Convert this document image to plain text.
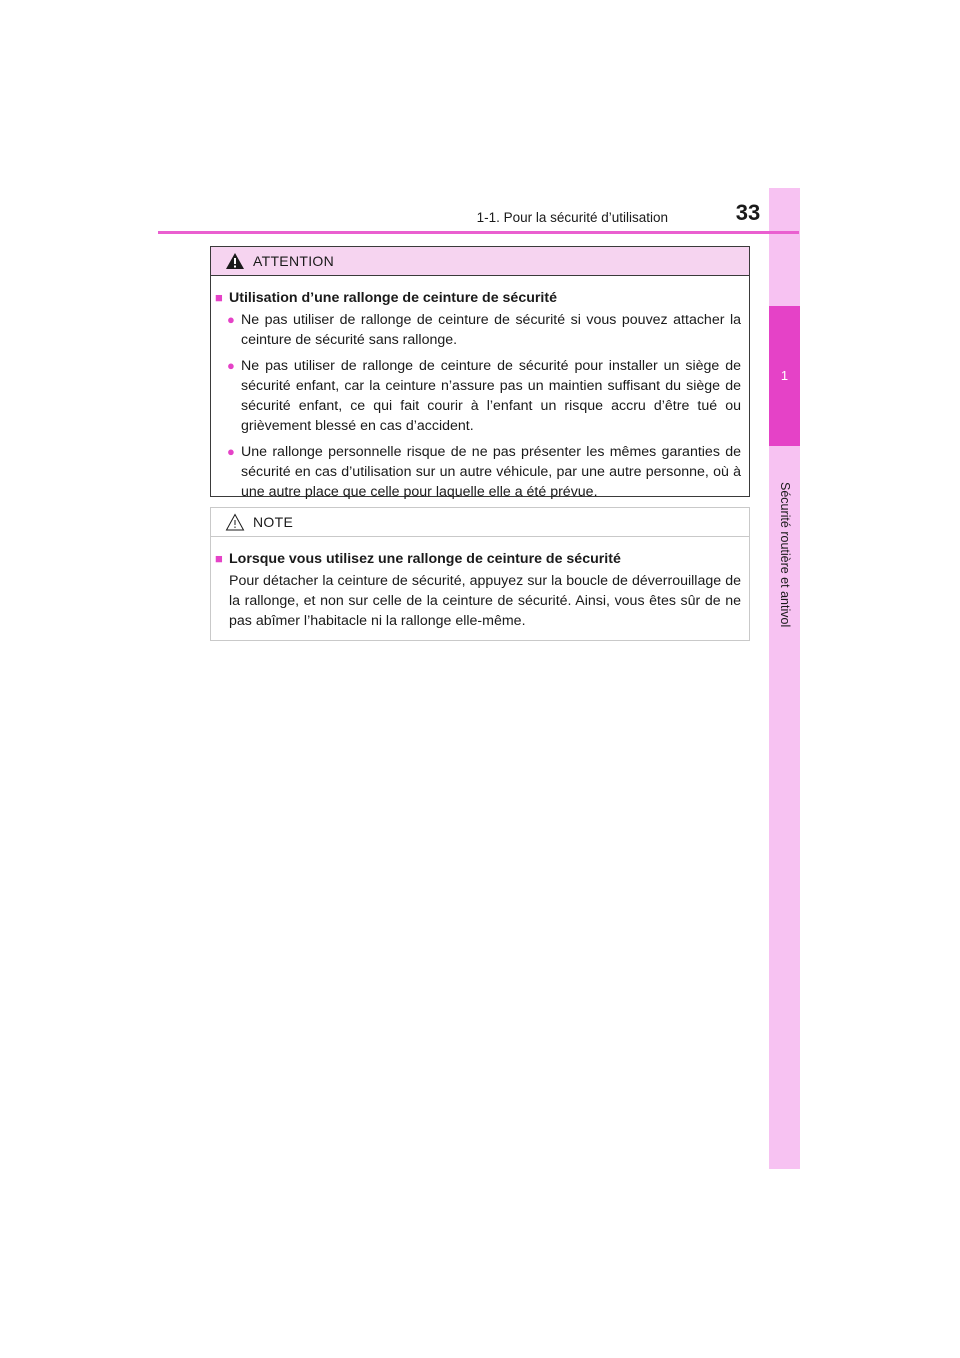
1
Sécurité routière et antivol
1-1. Pour la sécurité d’utilisation	33
ATTENTION
■ Utilisation d’une rallonge de ceinture de sécurité
● Ne pas utiliser de rallonge de ceinture de sécurité si vous pouvez attacher la ceinture de sécurité sans rallonge.
● Ne pas utiliser de rallonge de ceinture de sécurité pour installer un siège de sécurité enfant, car la ceinture n’assure pas un maintien suffisant du siège de sécurité enfant, ce qui fait courir à l’enfant un risque accru d’être tué ou grièvement blessé en cas d’accident.
● Une rallonge personnelle risque de ne pas présenter les mêmes garanties de sécurité en cas d’utilisation sur un autre véhicule, par une autre personne, où à une autre place que celle pour laquelle elle a été prévue.
NOTE
■ Lorsque vous utilisez une rallonge de ceinture de sécurité
Pour détacher la ceinture de sécurité, appuyez sur la boucle de déverrouillage de la rallonge, et non sur celle de la ceinture de sécurité. Ainsi, vous êtes sûr de ne pas abîmer l’habitacle ni la rallonge elle-même.
